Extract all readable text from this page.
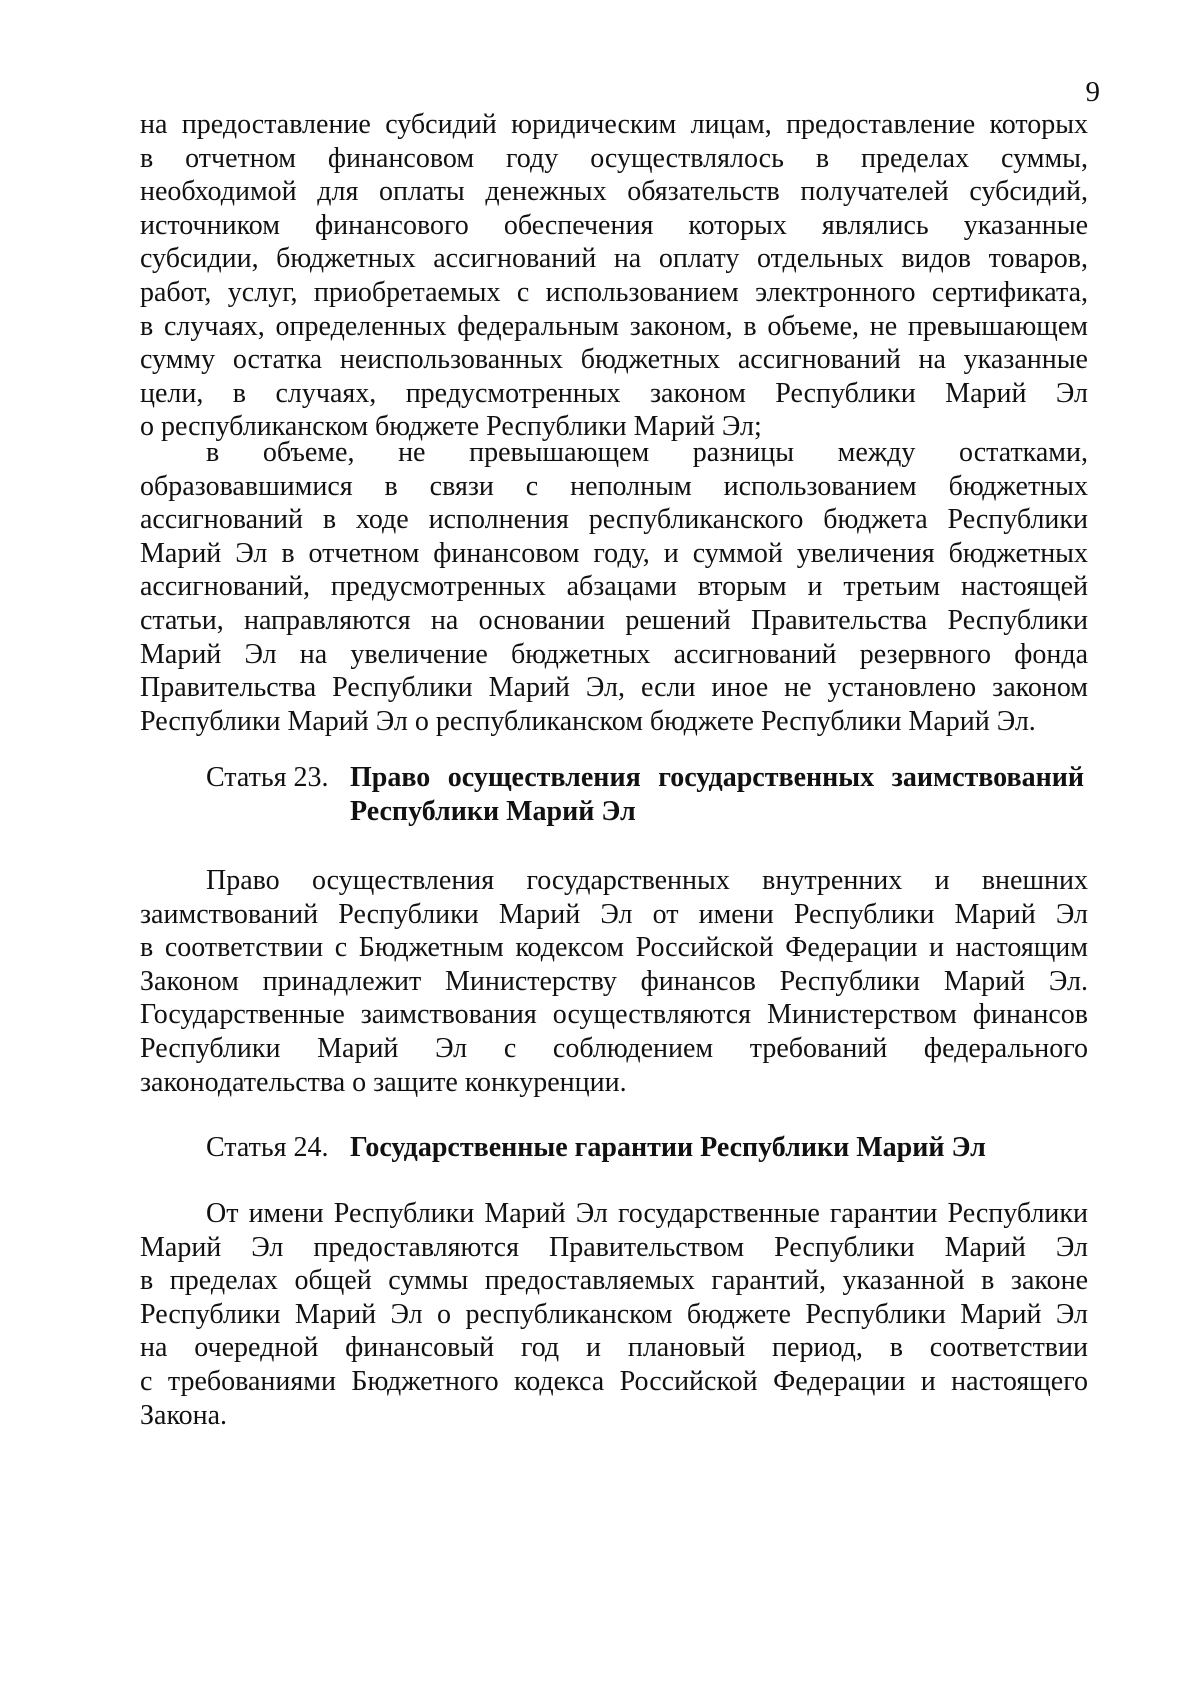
9
на предоставление субсидий юридическим лицам, предоставление которых
в отчетном финансовом году осуществлялось в пределах суммы,
необходимой для оплаты денежных обязательств получателей субсидий,
источником финансового обеспечения которых являлись указанные
субсидии, бюджетных ассигнований на оплату отдельных видов товаров,
работ, услуг, приобретаемых с использованием электронного сертификата,
в случаях, определенных федеральным законом, в объеме, не превышающем
сумму остатка неиспользованных бюджетных ассигнований на указанные
цели, в случаях, предусмотренных законом Республики Марий Эл
о республиканском бюджете Республики Марий Эл;
в объеме, не превышающем разницы между остатками,
образовавшимися в связи с неполным использованием бюджетных
ассигнований в ходе исполнения республиканского бюджета Республики
Марий Эл в отчетном финансовом году, и суммой увеличения бюджетных
ассигнований, предусмотренных абзацами вторым и третьим настоящей
статьи, направляются на основании решений Правительства Республики
Марий Эл на увеличение бюджетных ассигнований резервного фонда
Правительства Республики Марий Эл, если иное не установлено законом
Республики Марий Эл о республиканском бюджете Республики Марий Эл.
Статья 23. Право осуществления государственных заимствований
Республики Марий Эл
Право осуществления государственных внутренних и внешних
заимствований Республики Марий Эл от имени Республики Марий Эл
в соответствии с Бюджетным кодексом Российской Федерации и настоящим
Законом принадлежит Министерству финансов Республики Марий Эл.
Государственные заимствования осуществляются Министерством финансов
Республики Марий Эл с соблюдением требований федерального
законодательства о защите конкуренции.
Статья 24. Государственные гарантии Республики Марий Эл
От имени Республики Марий Эл государственные гарантии Республики
Марий Эл предоставляются Правительством Республики Марий Эл
в пределах общей суммы предоставляемых гарантий, указанной в законе
Республики Марий Эл о республиканском бюджете Республики Марий Эл
на очередной финансовый год и плановый период, в соответствии
с требованиями Бюджетного кодекса Российской Федерации и настоящего
Закона.
